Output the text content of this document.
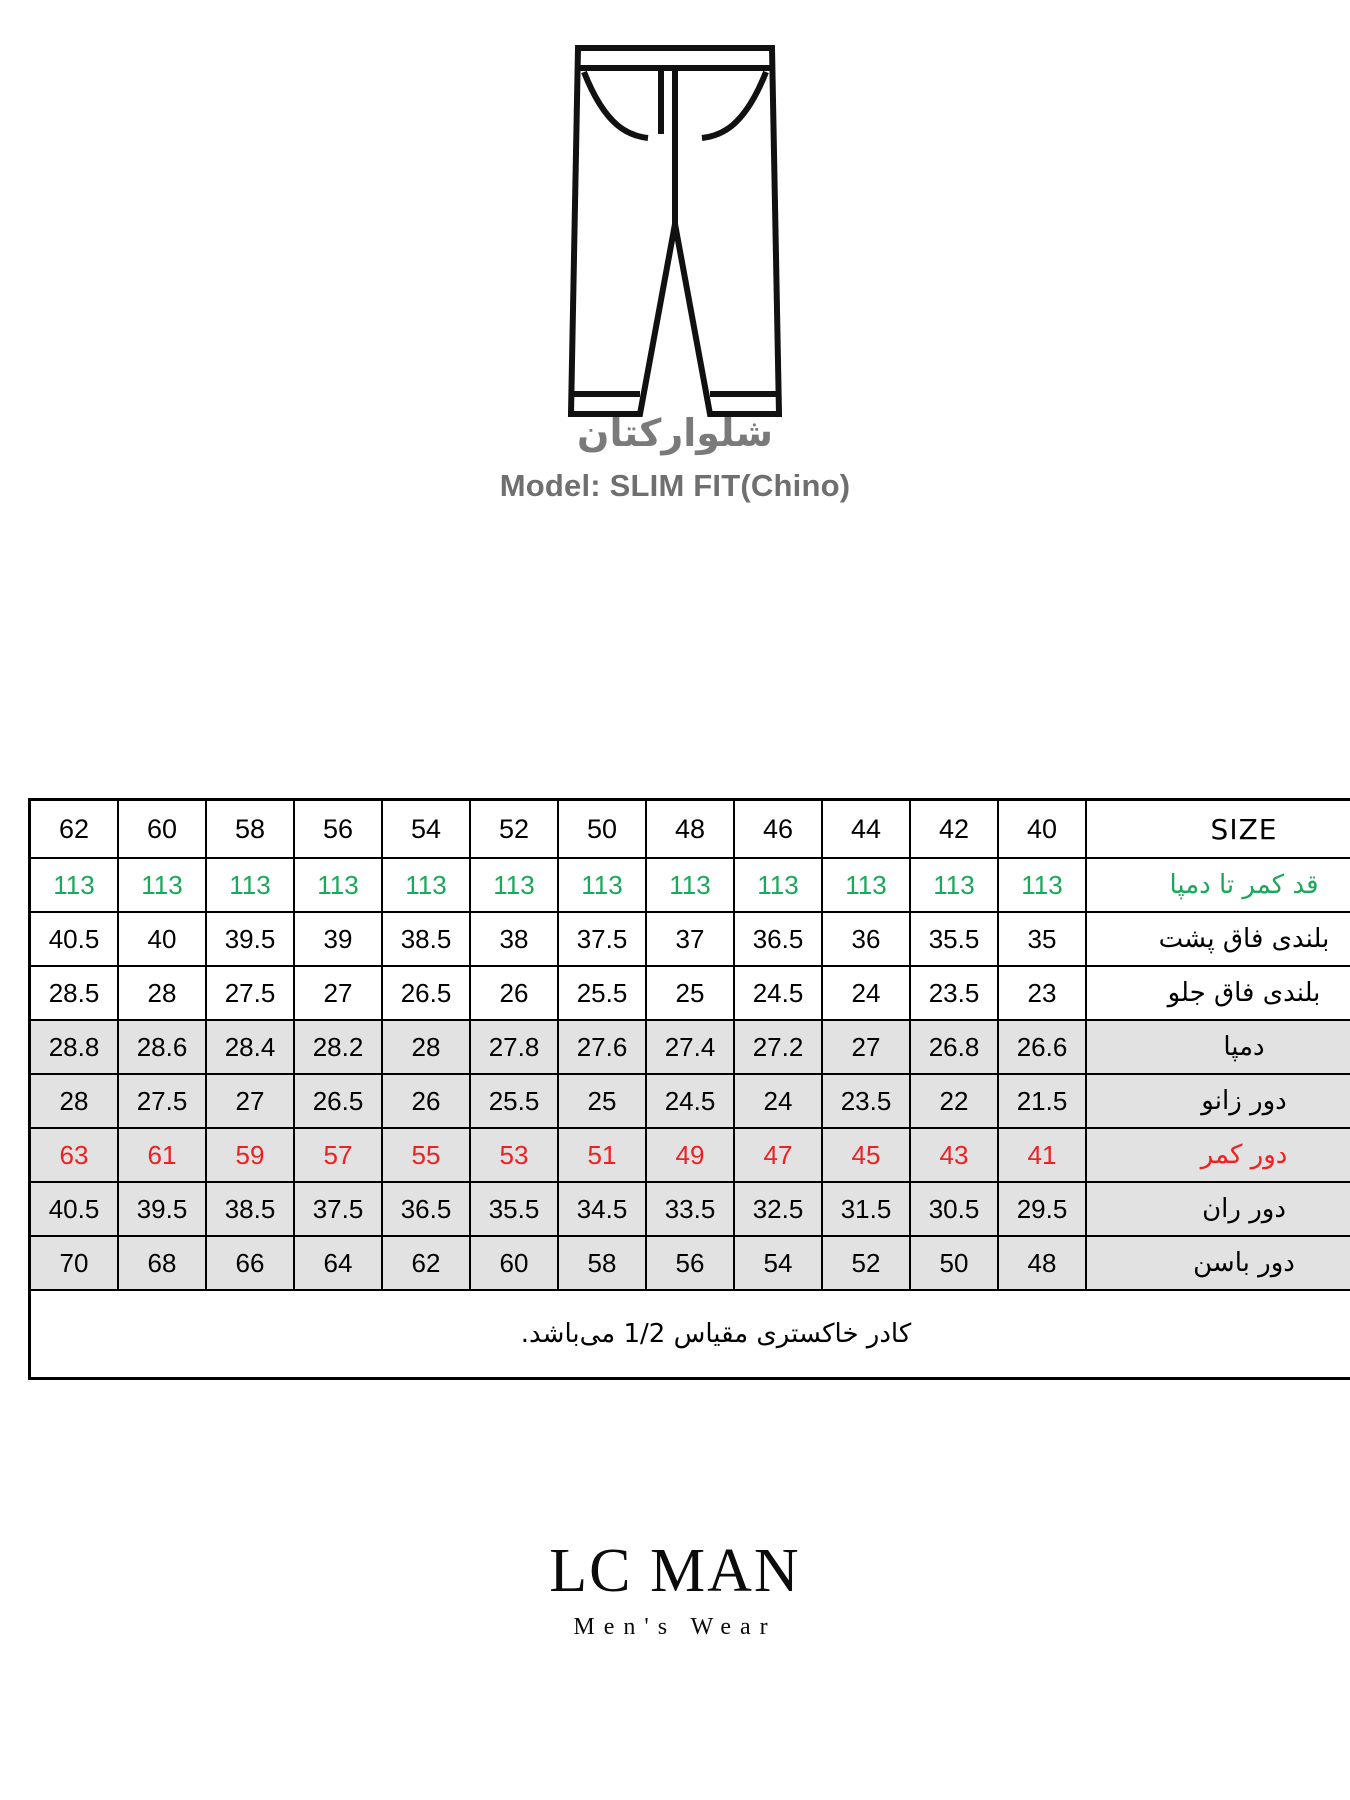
شلوارکتان
Model: SLIM FIT(Chino)
62	60	58	56	54	52	50	48	46	44	42	40	SIZE
113	113	113	113	113	113	113	113	113	113	113	113	قد کمر تا دمپا
40.5	40	39.5	39	38.5	38	37.5	37	36.5	36	35.5	35	بلندی فاق پشت
28.5	28	27.5	27	26.5	26	25.5	25	24.5	24	23.5	23	بلندی فاق جلو
28.8	28.6	28.4	28.2	28	27.8	27.6	27.4	27.2	27	26.8	26.6	دمپا
28	27.5	27	26.5	26	25.5	25	24.5	24	23.5	22	21.5	دور زانو
63	61	59	57	55	53	51	49	47	45	43	41	دور کمر
40.5	39.5	38.5	37.5	36.5	35.5	34.5	33.5	32.5	31.5	30.5	29.5	دور ران
70	68	66	64	62	60	58	56	54	52	50	48	دور باسن
کادر خاکستری مقیاس 1/2 می‌باشد.												
LC MAN
Men's Wear
